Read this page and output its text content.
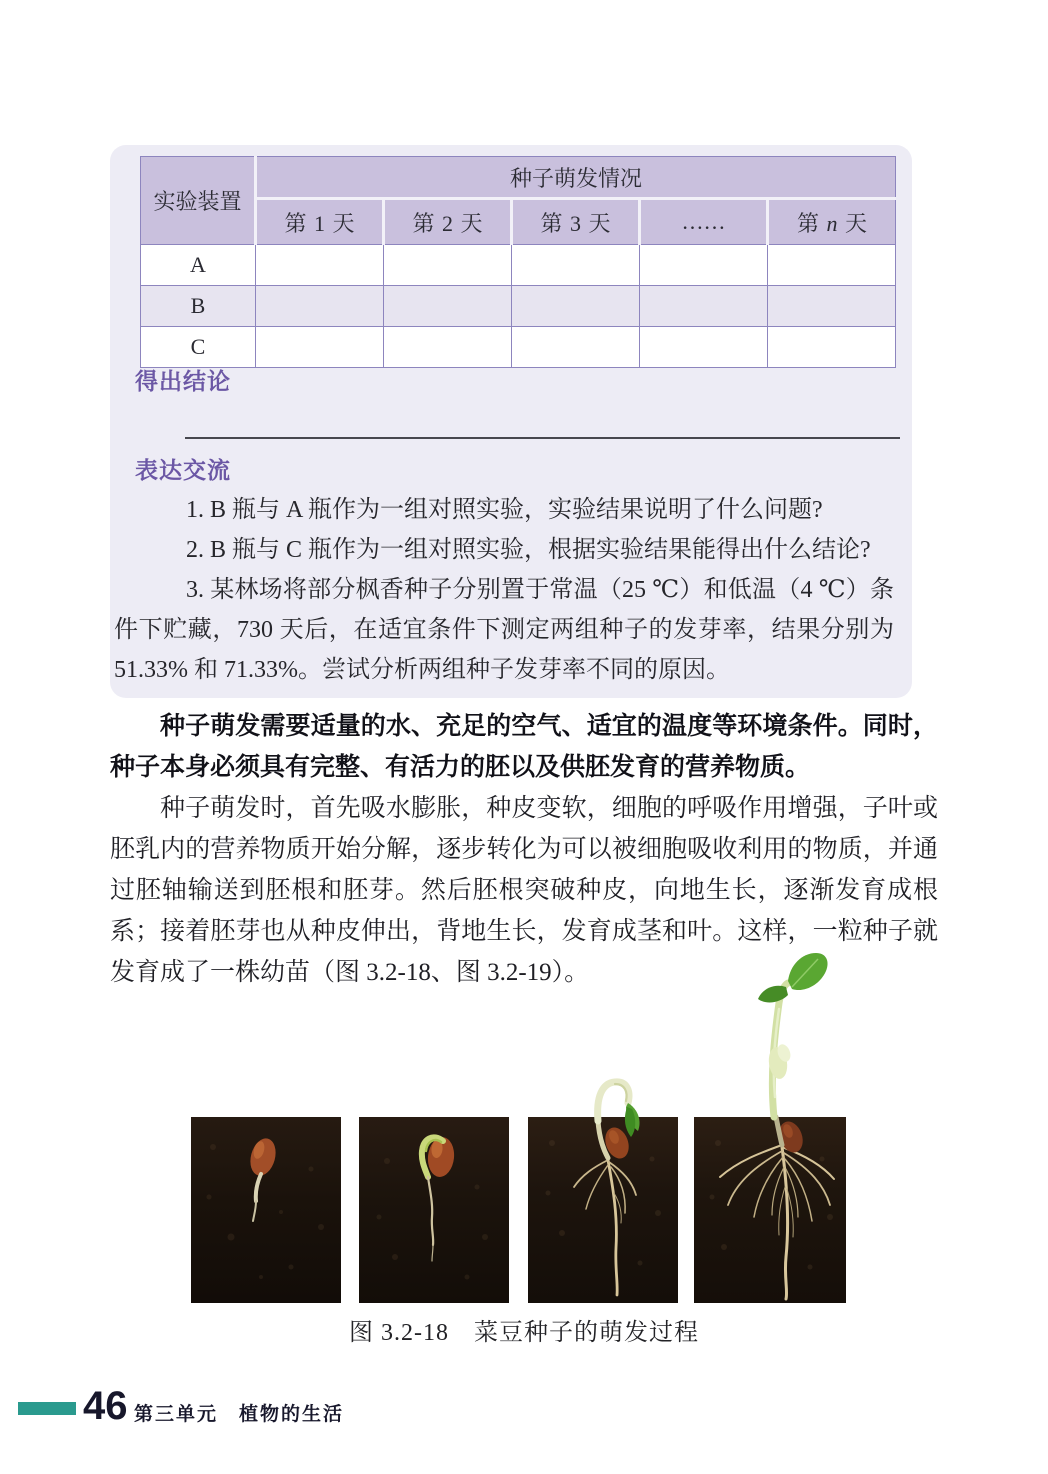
实验装置	种子萌发情况				
	第 1 天	第 2 天	第 3 天	……	第 n 天
A					
B					
C					
得出结论
表达交流

1. B 瓶与 A 瓶作为一组对照实验，实验结果说明了什么问题?

2. B 瓶与 C 瓶作为一组对照实验，根据实验结果能得出什么结论?

3. 某林场将部分枫香种子分别置于常温（25 ℃）和低温（4 ℃）条件下贮藏，730 天后，在适宜条件下测定两组种子的发芽率，结果分别为 51.33% 和 71.33%。尝试分析两组种子发芽率不同的原因。

种子萌发需要适量的水、充足的空气、适宜的温度等环境条件。同时，种子本身必须具有完整、有活力的胚以及供胚发育的营养物质。

种子萌发时，首先吸水膨胀，种皮变软，细胞的呼吸作用增强，子叶或胚乳内的营养物质开始分解，逐步转化为可以被细胞吸收利用的物质，并通过胚轴输送到胚根和胚芽。然后胚根突破种皮，向地生长，逐渐发育成根系；接着胚芽也从种皮伸出，背地生长，发育成茎和叶。这样，一粒种子就发育成了一株幼苗（图 3.2-18、图 3.2-19）。

图 3.2-18　菜豆种子的萌发过程
46 第三单元　植物的生活
